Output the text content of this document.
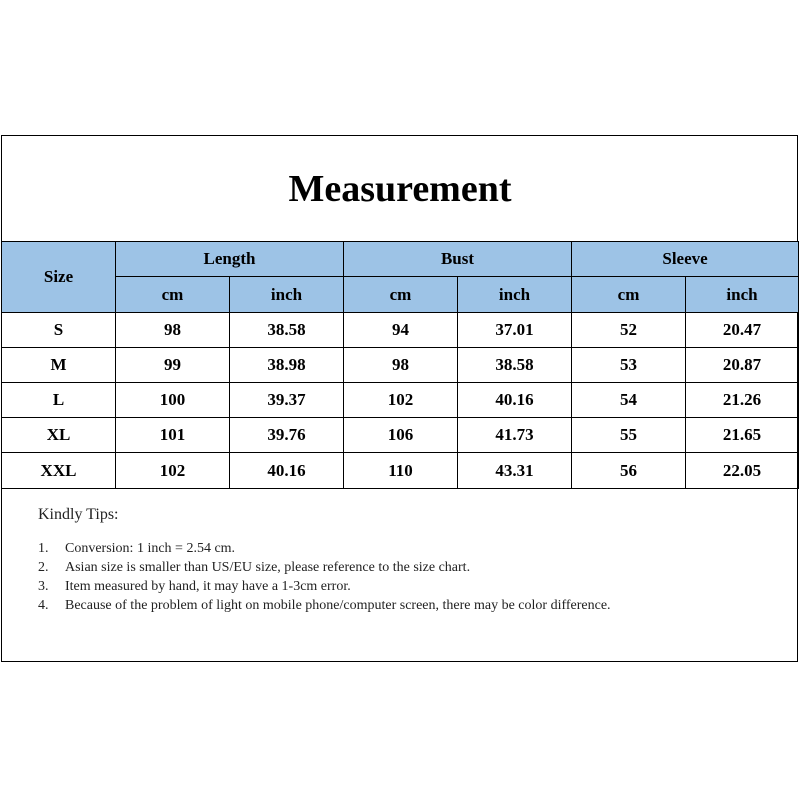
Measurement
Size	Length		Bust		Sleeve	
	cm	inch	cm	inch	cm	inch
S	98	38.58	94	37.01	52	20.47
M	99	38.98	98	38.58	53	20.87
L	100	39.37	102	40.16	54	21.26
XL	101	39.76	106	41.73	55	21.65
XXL	102	40.16	110	43.31	56	22.05
Kindly Tips:
1. Conversion: 1 inch = 2.54 cm.
2. Asian size is smaller than US/EU size, please reference to the size chart.
3. Item measured by hand, it may have a 1-3cm error.
4. Because of the problem of light on mobile phone/computer screen, there may be color difference.
